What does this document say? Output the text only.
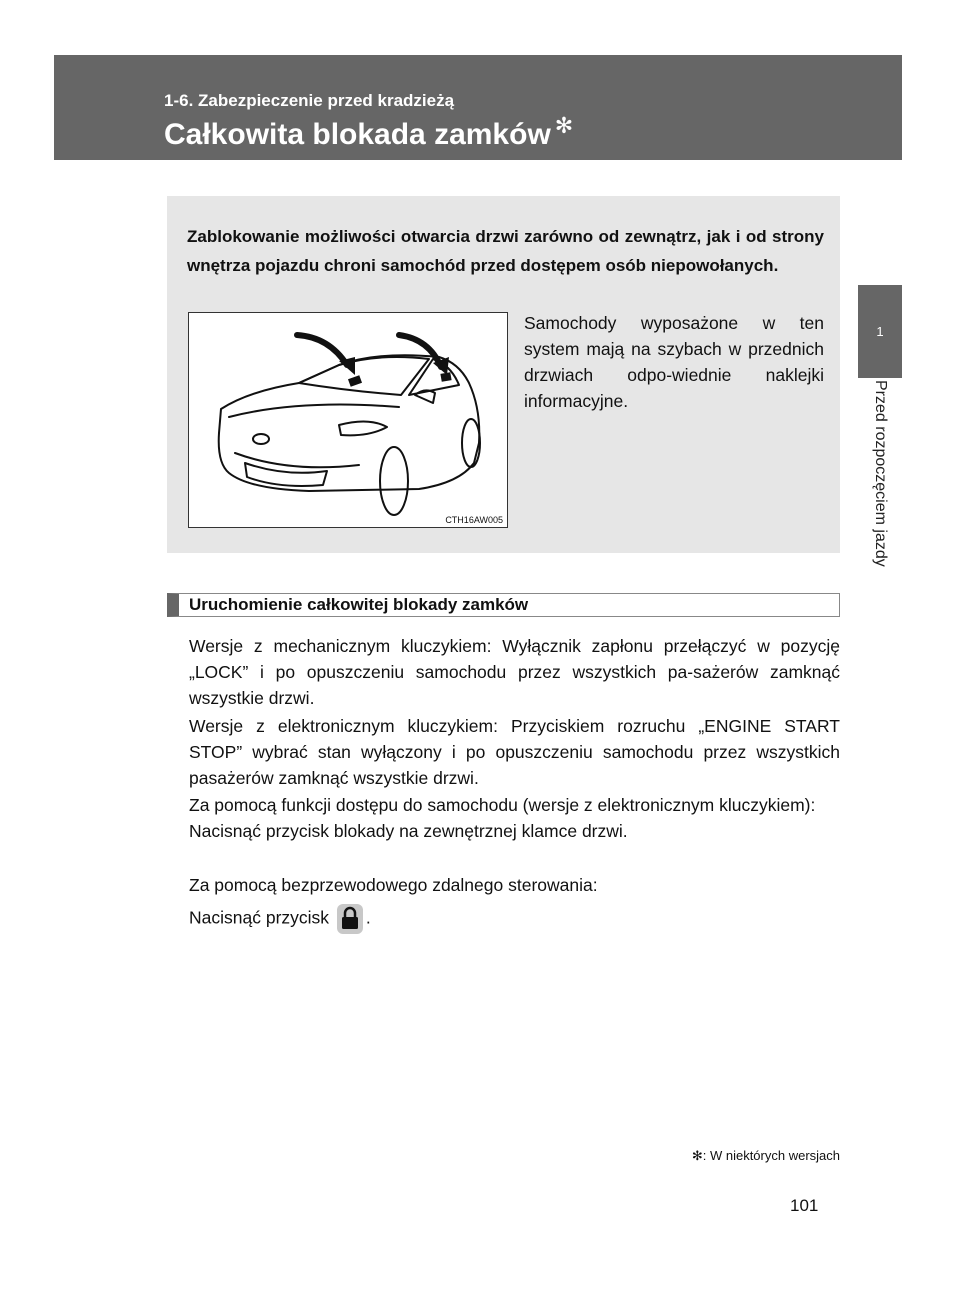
1-6. Zabezpieczenie przed kradzieżą
Całkowita blokada zamków ✻
1
Przed rozpoczęciem jazdy

Zablokowanie możliwości otwarcia drzwi zarówno od zewnątrz, jak i od strony wnętrza pojazdu chroni samochód przed dostępem osób niepowołanych.

CTH16AW005

Samochody wyposażone w ten system mają na szybach w przednich drzwiach odpo-wiednie naklejki informacyjne.

Uruchomienie całkowitej blokady zamków

Wersje z mechanicznym kluczykiem: Wyłącznik zapłonu przełączyć w pozycję „LOCK” i po opuszczeniu samochodu przez wszystkich pa-sażerów zamknąć wszystkie drzwi.

Wersje z elektronicznym kluczykiem: Przyciskiem rozruchu „ENGINE START STOP” wybrać stan wyłączony i po opuszczeniu samochodu przez wszystkich pasażerów zamknąć wszystkie drzwi.

Za pomocą funkcji dostępu do samochodu (wersje z elektronicznym kluczykiem):
Nacisnąć przycisk blokady na zewnętrznej klamce drzwi.

Za pomocą bezprzewodowego zdalnego sterowania:

Nacisnąć przycisk .

✻: W niektórych wersjach
101
